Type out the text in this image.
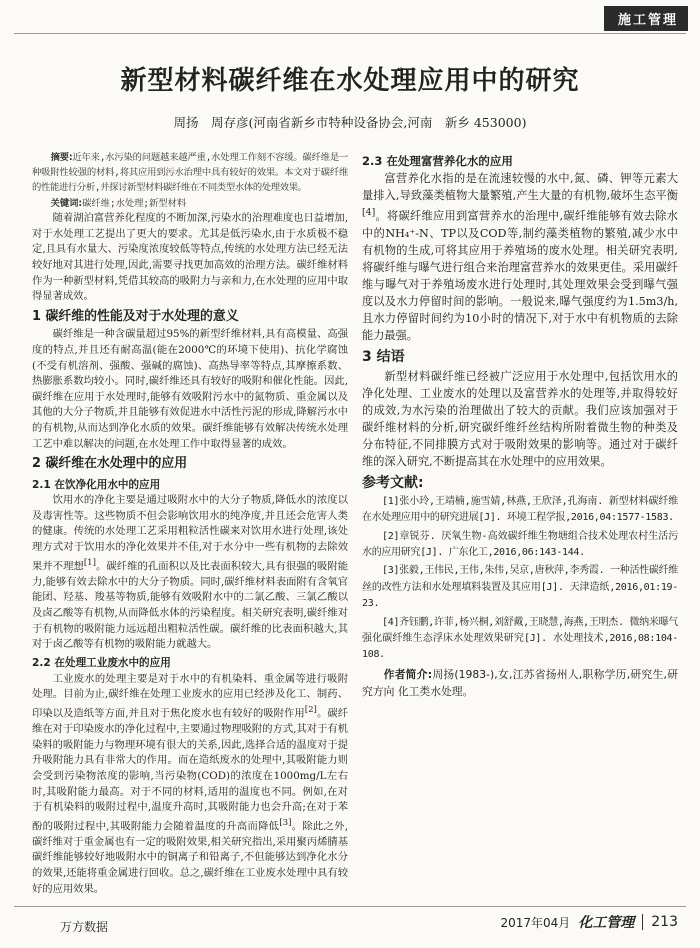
施工管理
新型材料碳纤维在水处理应用中的研究
周扬　周存彦(河南省新乡市特种设备协会,河南　新乡 453000)

摘要:近年来,水污染的问题越来越严重,水处理工作刻不容缓。碳纤维是一种吸附性较强的材料,将其应用到污水治理中具有较好的效果。本文对于碳纤维的性能进行分析,并探讨新型材料碳纤维在不同类型水体的处理效果。

关键词:碳纤维;水处理;新型材料

随着湖泊富营养化程度的不断加深,污染水的治理难度也日益增加,对于水处理工艺提出了更大的要求。尤其是低污染水,由于水质极不稳定,且具有水量大、污染度浓度较低等特点,传统的水处理方法已经无法较好地对其进行处理,因此,需要寻找更加高效的治理方法。碳纤维材料作为一种新型材料,凭借其较高的吸附力与亲和力,在水处理的应用中取得显著成效。

1 碳纤维的性能及对于水处理的意义

碳纤维是一种含碳量超过95%的新型纤维材料,具有高模量、高强度的特点,并且还有耐高温(能在2000℃的环境下使用)、抗化学腐蚀(不受有机溶剂、强酸、强碱的腐蚀)、高热导率等特点,其摩擦系数、热膨胀系数均较小。同时,碳纤维还具有较好的吸附和催化性能。因此,碳纤维在应用于水处理时,能够有效吸附污水中的氮物质、重金属以及其他的大分子物质,并且能够有效促进水中活性污泥的形成,降解污水中的有机物,从而达到净化水质的效果。碳纤维能够有效解决传统水处理工艺中难以解决的问题,在水处理工作中取得显著的成效。

2 碳纤维在水处理中的应用
2.1 在饮净化用水中的应用

饮用水的净化主要是通过吸附水中的大分子物质,降低水的浓度以及毒害性等。这些物质不但会影响饮用水的纯净度,并且还会危害人类的健康。传统的水处理工艺采用粗粒活性碳来对饮用水进行处理,该处理方式对于饮用水的净化效果并不佳,对于水分中一些有机物的去除效果并不理想[1]。碳纤维的孔面积以及比表面积较大,具有很强的吸附能力,能够有效去除水中的大分子物质。同时,碳纤维材料表面附有含氧官能团、羟基、羧基等物质,能够有效吸附水中的二氯乙酸、三氯乙酸以及卤乙酸等有机物,从而降低水体的污染程度。相关研究表明,碳纤维对于有机物的吸附能力远远超出粗粒活性碳。碳纤维的比表面积越大,其对于卤乙酸等有机物的吸附能力就越大。

2.2 在处理工业废水中的应用

工业废水的处理主要是对于水中的有机染料、重金属等进行吸附处理。目前为止,碳纤维在处理工业废水的应用已经涉及化工、制药、印染以及造纸等方面,并且对于焦化废水也有较好的吸附作用[2]。碳纤维在对于印染废水的净化过程中,主要通过物理吸附的方式,其对于有机染料的吸附能力与物理环境有很大的关系,因此,选择合适的温度对于提升吸附能力具有非常大的作用。而在造纸废水的处理中,其吸附能力则会受到污染物浓度的影响,当污染物(COD)的浓度在1000mg/L左右时,其吸附能力最高。对于不同的材料,适用的温度也不同。例如,在对于有机染料的吸附过程中,温度升高时,其吸附能力也会升高;在对于苯酚的吸附过程中,其吸附能力会随着温度的升高而降低[3]。除此之外,碳纤维对于重金属也有一定的吸附效果,相关研究指出,采用聚丙烯腈基碳纤维能够较好地吸附水中的铜离子和铅离子,不但能够达到净化水分的效果,还能将重金属进行回收。总之,碳纤维在工业废水处理中具有较好的应用效果。

2.3 在处理富营养化水的应用

富营养化水指的是在流速较慢的水中,氮、磷、钾等元素大量排入,导致藻类植物大量繁殖,产生大量的有机物,破坏生态平衡[4]。将碳纤维应用到富营养水的治理中,碳纤维能够有效去除水中的NH₄⁺-N、TP以及COD等,制约藻类植物的繁殖,减少水中有机物的生成,可将其应用于养殖场的废水处理。相关研究表明,将碳纤维与曝气进行组合来治理富营养水的效果更佳。采用碳纤维与曝气对于养殖场废水进行处理时,其处理效果会受到曝气强度以及水力停留时间的影响。一般说来,曝气强度约为1.5m3/h,且水力停留时间约为10小时的情况下,对于水中有机物质的去除能力最强。

3 结语

新型材料碳纤维已经被广泛应用于水处理中,包括饮用水的净化处理、工业废水的处理以及富营养水的处理等,并取得较好的成效,为水污染的治理做出了较大的贡献。我们应该加强对于碳纤维材料的分析,研究碳纤维纤丝结构所附着微生物的种类及分布特征,不同排膜方式对于吸附效果的影响等。通过对于碳纤维的深入研究,不断提高其在水处理中的应用效果。

参考文献:

[1]张小玲,王靖楠,施雪婧,林燕,王欣泽,孔海南. 新型材料碳纤维在水处理应用中的研究进展[J]. 环境工程学报,2016,04:1577-1583.

[2]章锐芬. 厌氧生物-高效碳纤维生物塘组合技术处理农村生活污水的应用研究[J]. 广东化工,2016,06:143-144.

[3]张毅,王伟民,王伟,朱伟,吴京,唐秋萍,李秀霞. 一种活性碳纤维丝的改性方法和水处理填料装置及其应用[J]. 天津造纸,2016,01:19-23.

[4]齐钰鹏,许菲,杨兴桐,刘舒戴,王晓慧,海燕,王明杰. 微纳米曝气强化碳纤维生态浮床水处理效果研究[J]. 水处理技术,2016,08:104-108.

作者简介:周扬(1983-),女,江苏省扬州人,职称学历,研究生,研究方向 化工类水处理。

万方数据	2017年04月 化工管理	213
